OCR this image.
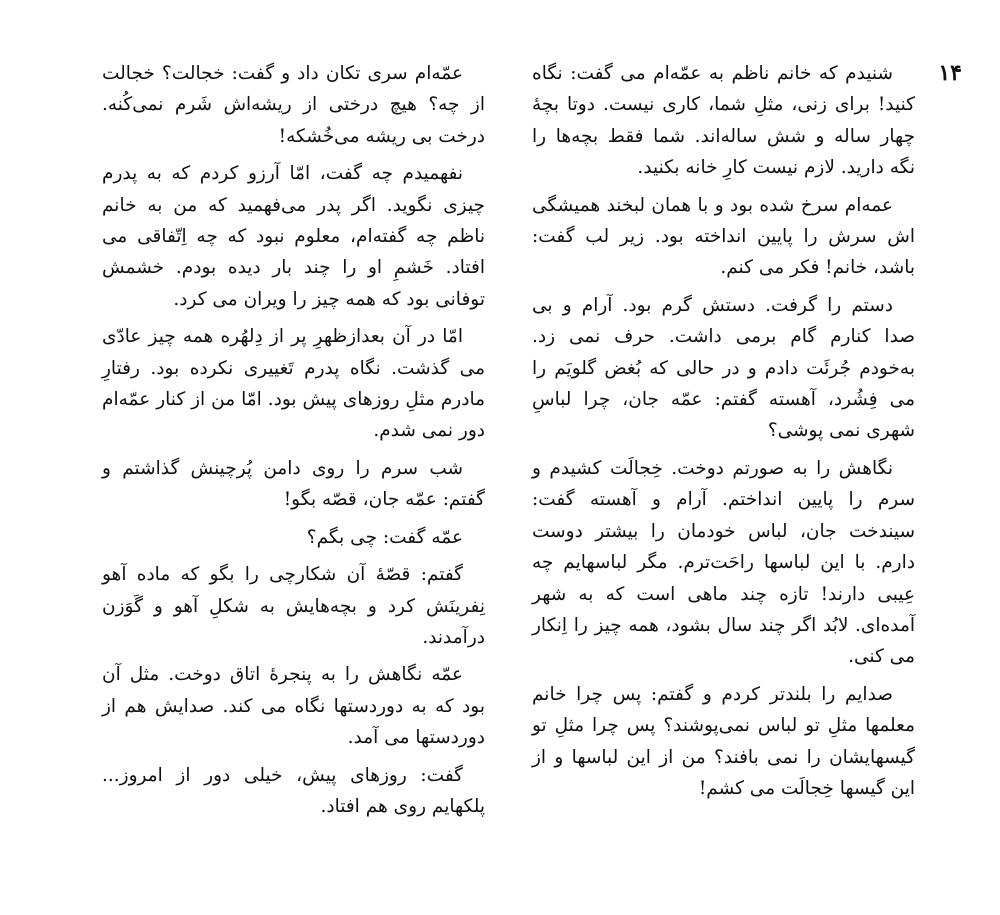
۱۴

شنیدم که خانم ناظم به عمّه‌ام می گفت: نگاه کنید! برای زنی، مثلِ شما، کاری نیست. دوتا بچهٔ چهار ساله و شش ساله‌اند. شما فقط بچه‌ها را نگه دارید. لازم نیست کارِ خانه بکنید.

عمه‌ام سرخ شده بود و با همان لبخند همیشگی اش سرش را پایین انداخته بود. زیر لب گفت: باشد، خانم! فکر می کنم.

دستم را گرفت. دستش گرم بود. آرام و بی صدا کنارم گام برمی داشت. حرف نمی زد. به‌خودم جُرئَت دادم و در حالی که بُغض گلویَم را می فِشُرد، آهسته گفتم: عمّه جان، چرا لباسِ شهری نمی پوشی؟

نگاهش را به صورتم دوخت. خِجالَت کشیدم و سرم را پایین انداختم. آرام و آهسته گفت: سیندخت جان، لباس خودمان را بیشتر دوست دارم. با این لباسها راحَت‌ترم. مگر لباسهایم چه عِیبی دارند! تازه چند ماهی است که به شهر آمده‌ای. لابُد اگر چند سال بشود، همه چیز را اِنکار می کنی.

صدایم را بلندتر کردم و گفتم: پس چرا خانم معلمها مثلِ تو لباس نمی‌پوشند؟ پس چرا مثلِ تو گیسهایشان را نمی بافند؟ من از این لباسها و از این گیسها خِجالَت می کشم!

عمّه‌ام سری تکان داد و گفت: خجالت؟ خجالت از چه؟ هیچ درختی از ریشه‌اش شَرم نمی‌کُنه. درخت بی ریشه می‌خُشکه!

نفهمیدم چه گفت، امّا آرزو کردم که به پدرم چیزی نگوید. اگر پدر می‌فهمید که من به خانم ناظم چه گفته‌ام، معلوم نبود که چه اِتّفاقی می افتاد. خَشمِ او را چند بار دیده بودم. خشمش توفانی بود که همه چیز را ویران می کرد.

امّا در آن بعدازظهرِ پر از دِلهُره همه چیز عادّی می گذشت. نگاه پدرم تَغییری نکرده بود. رفتارِ مادرم مثلِ روزهای پیش بود. امّا من از کنار عمّه‌ام دور نمی شدم.

شب سرم را روی دامن پُرچینش گذاشتم و گفتم: عمّه جان، قصّه بگو!

عمّه گفت: چی بگم؟

گفتم: قصّهٔ آن شکارچی را بگو که ماده آهو نِفرینَش کرد و بچه‌هایش به شکلِ آهو و گَوَزن درآمدند.

عمّه نگاهش را به پنجرهٔ اتاق دوخت. مثل آن بود که به دوردستها نگاه می کند. صدایش هم از دوردستها می آمد.

گفت: روزهای پیش، خیلی دور از امروز... پلکهایم روی هم افتاد.
